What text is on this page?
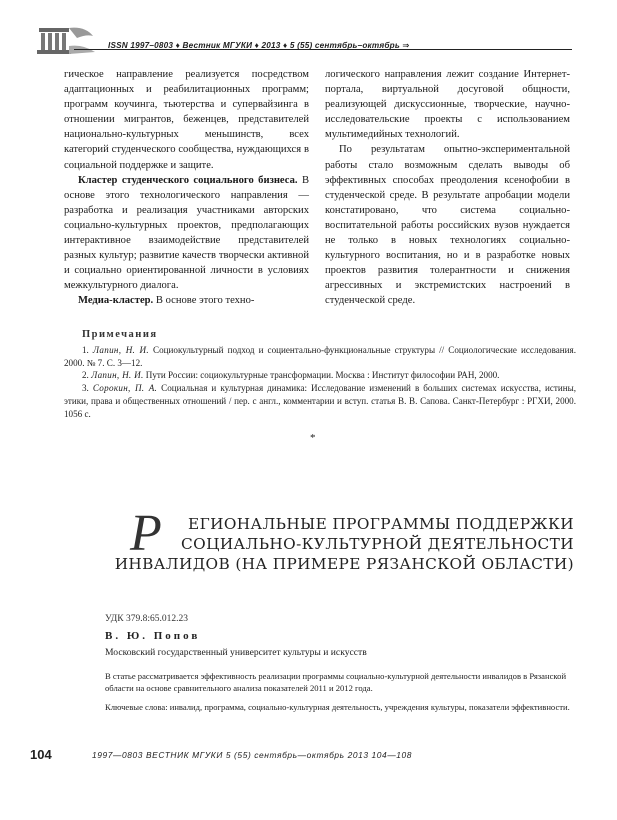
ISSN 1997–0803 ♦ Вестник МГУКИ ♦ 2013 ♦ 5 (55) сентябрь–октябрь ⇒

гическое направление реализуется посредством адаптационных и реабилитационных программ; программ коучинга, тьютерства и супервайзинга в отношении мигрантов, беженцев, представителей национально-культурных меньшинств, всех категорий студенческого сообщества, нуждающихся в социальной поддержке и защите.

Кластер студенческого социального бизнеса. В основе этого технологического направления — разработка и реализация участниками авторских социально-культурных проектов, предполагающих интерактивное взаимодействие представителей разных культур; развитие качеств творчески активной и социально ориентированной личности в условиях межкультурного диалога.

Медиа-кластер. В основе этого техно-

логического направления лежит создание Интернет-портала, виртуальной досуговой общности, реализующей дискуссионные, творческие, научно-исследовательские проекты с использованием мультимедийных технологий.

По результатам опытно-экспериментальной работы стало возможным сделать выводы об эффективных способах преодоления ксенофобии в студенческой среде. В результате апробации модели констатировано, что система социально-воспитательной работы российских вузов нуждается не только в новых технологиях социально-культурного воспитания, но и в разработке новых проектов развития толерантности и снижения агрессивных и экстремистских настроений в студенческой среде.

Примечания

1. Лапин, Н. И. Социокультурный подход и социентально-функциональные структуры // Социологические исследования. 2000. № 7. С. 3—12.

2. Лапин, Н. И. Пути России: социокультурные трансформации. Москва : Институт философии РАН, 2000.

3. Сорокин, П. А. Социальная и культурная динамика: Исследование изменений в больших системах искусства, истины, этики, права и общественных отношений / пер. с англ., комментарии и вступ. статья В. В. Сапова. Санкт-Петербург : РГХИ, 2000. 1056 с.

*
Р	ЕГИОНАЛЬНЫЕ ПРОГРАММЫ ПОДДЕРЖКИ
СОЦИАЛЬНО-КУЛЬТУРНОЙ ДЕЯТЕЛЬНОСТИ
ИНВАЛИДОВ (НА ПРИМЕРЕ РЯЗАНСКОЙ ОБЛАСТИ)
УДК 379.8:65.012.23
В. Ю. Попов
Московский государственный университет культуры и искусств
В статье рассматривается эффективность реализации программы социально-культурной деятельности инвалидов в Рязанской области на основе сравнительного анализа показателей 2011 и 2012 года.
Ключевые слова: инвалид, программа, социально-культурная деятельность, учреждения культуры, показатели эффективности.
104	1997—0803 ВЕСТНИК МГУКИ 5 (55) сентябрь—октябрь 2013 104—108
